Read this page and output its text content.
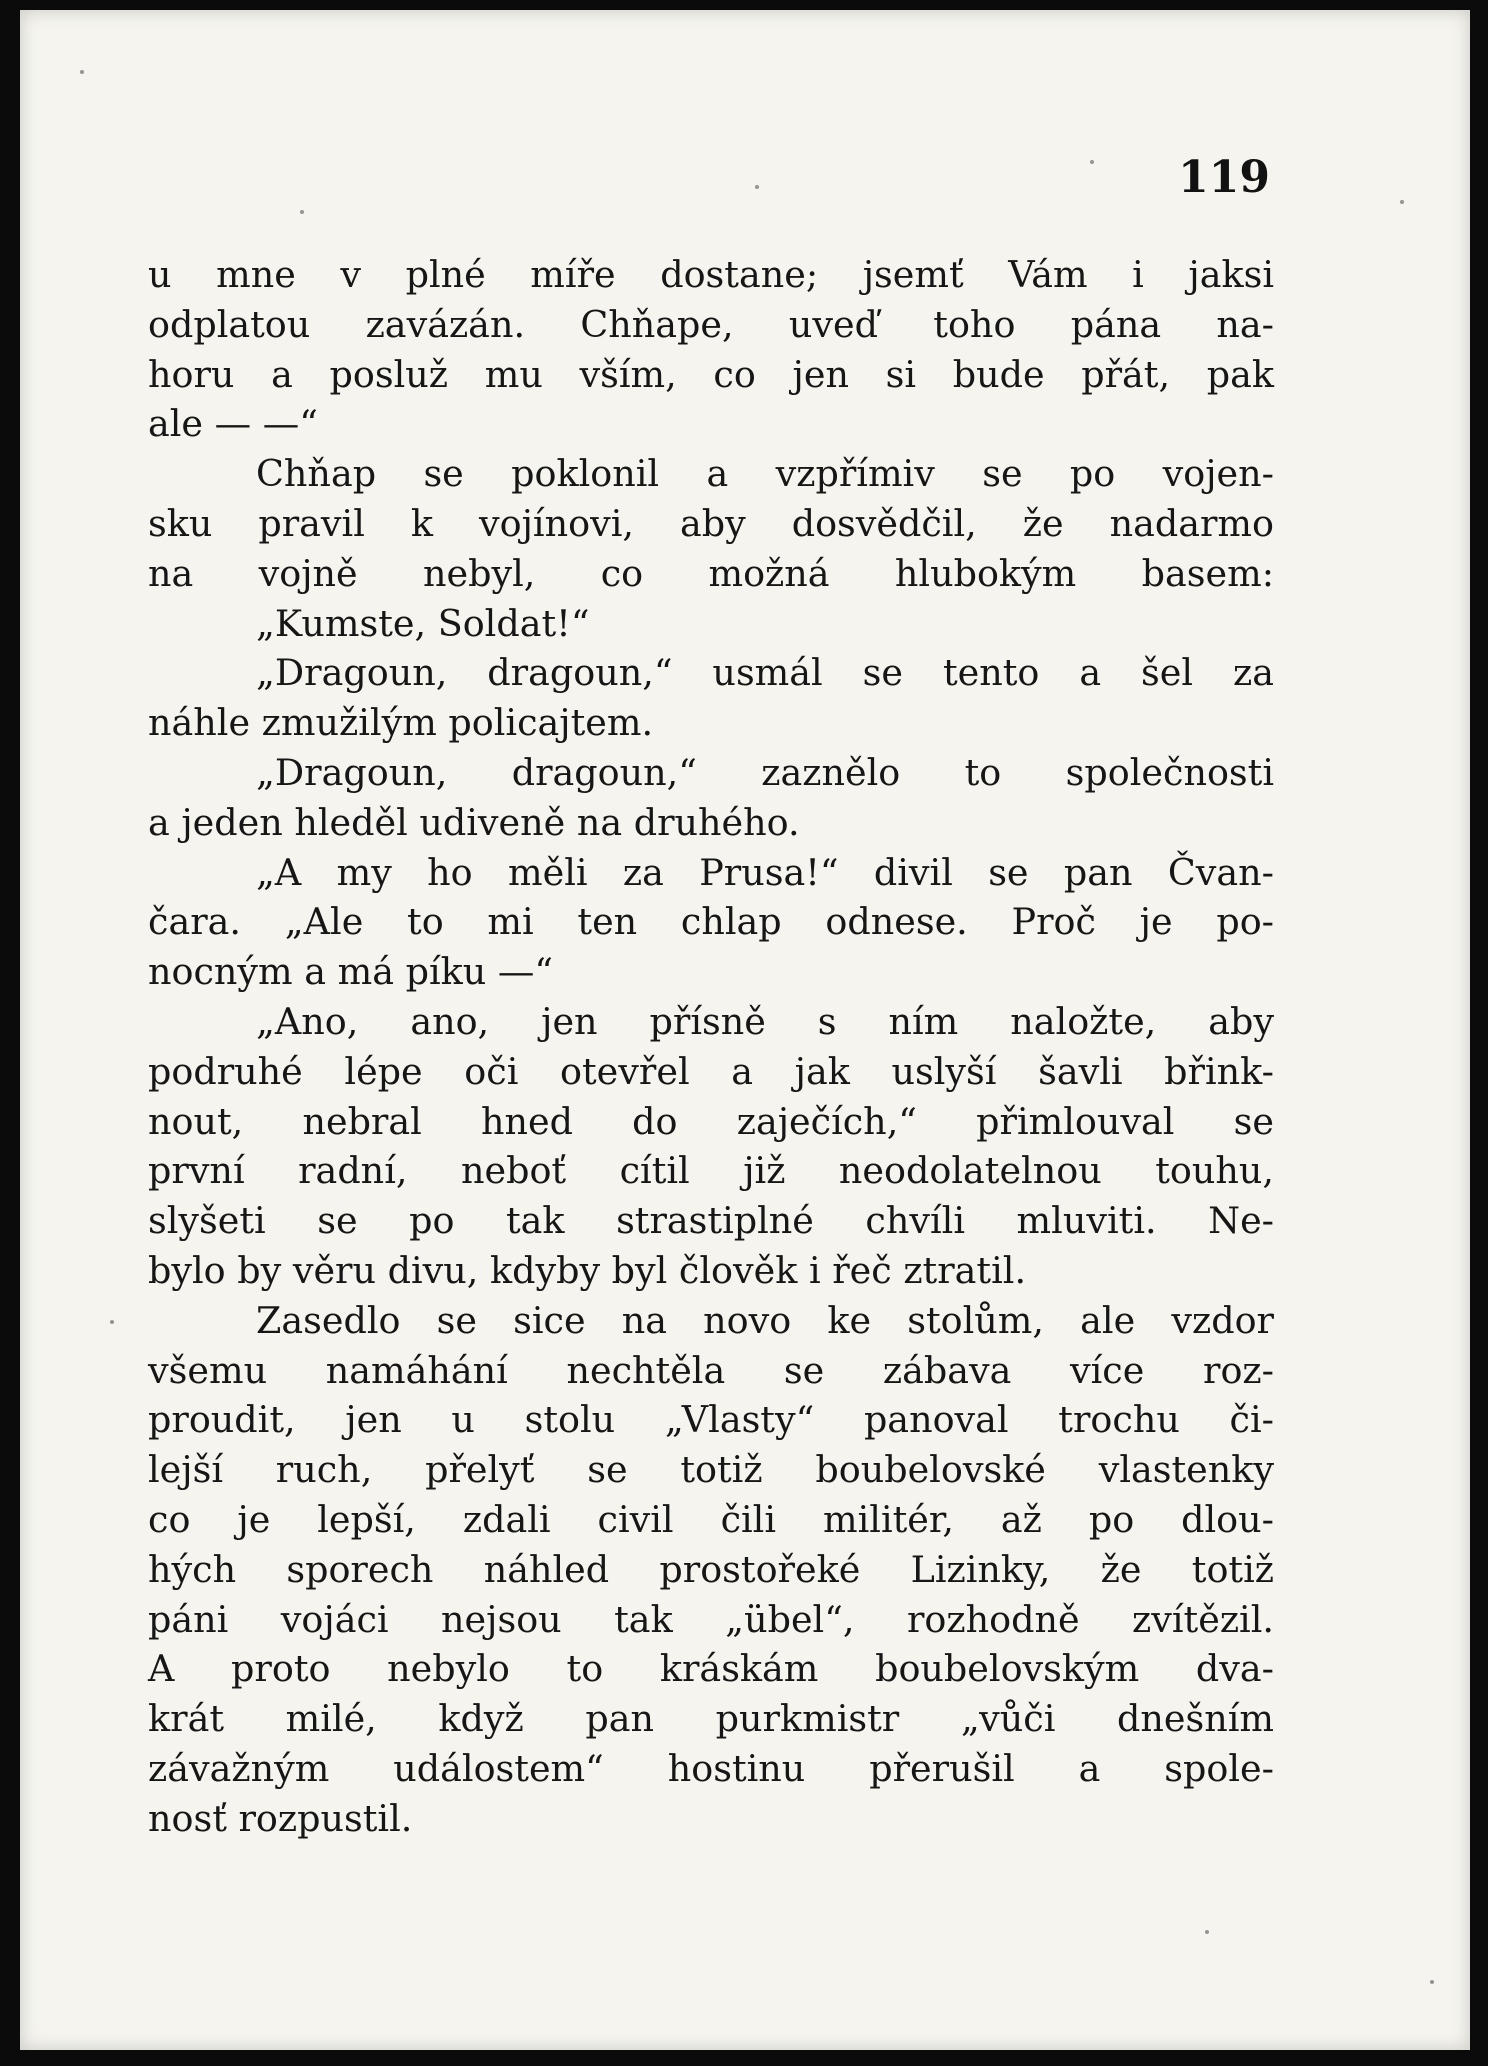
119
u mne v plné míře dostane; jsemť Vám i jaksi
odplatou zavázán. Chňape, uveď toho pána na-
horu a posluž mu vším, co jen si bude přát, pak
ale — —“
Chňap se poklonil a vzpřímiv se po vojen-
sku pravil k vojínovi, aby dosvědčil, že nadarmo
na vojně nebyl, co možná hlubokým basem:
„Kumste, Soldat!“
„Dragoun, dragoun,“ usmál se tento a šel za
náhle zmužilým policajtem.
„Dragoun, dragoun,“ zaznělo to společnosti
a jeden hleděl udiveně na druhého.
„A my ho měli za Prusa!“ divil se pan Čvan-
čara. „Ale to mi ten chlap odnese. Proč je po-
nocným a má píku —“
„Ano, ano, jen přísně s ním naložte, aby
podruhé lépe oči otevřel a jak uslyší šavli břink-
nout, nebral hned do zaječích,“ přimlouval se
první radní, neboť cítil již neodolatelnou touhu,
slyšeti se po tak strastiplné chvíli mluviti. Ne-
bylo by věru divu, kdyby byl člověk i řeč ztratil.
Zasedlo se sice na novo ke stolům, ale vzdor
všemu namáhání nechtěla se zábava více roz-
proudit, jen u stolu „Vlasty“ panoval trochu či-
lejší ruch, přelyť se totiž boubelovské vlastenky
co je lepší, zdali civil čili militér, až po dlou-
hých sporech náhled prostořeké Lizinky, že totiž
páni vojáci nejsou tak „übel“, rozhodně zvítězil.
A proto nebylo to kráskám boubelovským dva-
krát milé, když pan purkmistr „vůči dnešním
závažným událostem“ hostinu přerušil a spole-
nosť rozpustil.
